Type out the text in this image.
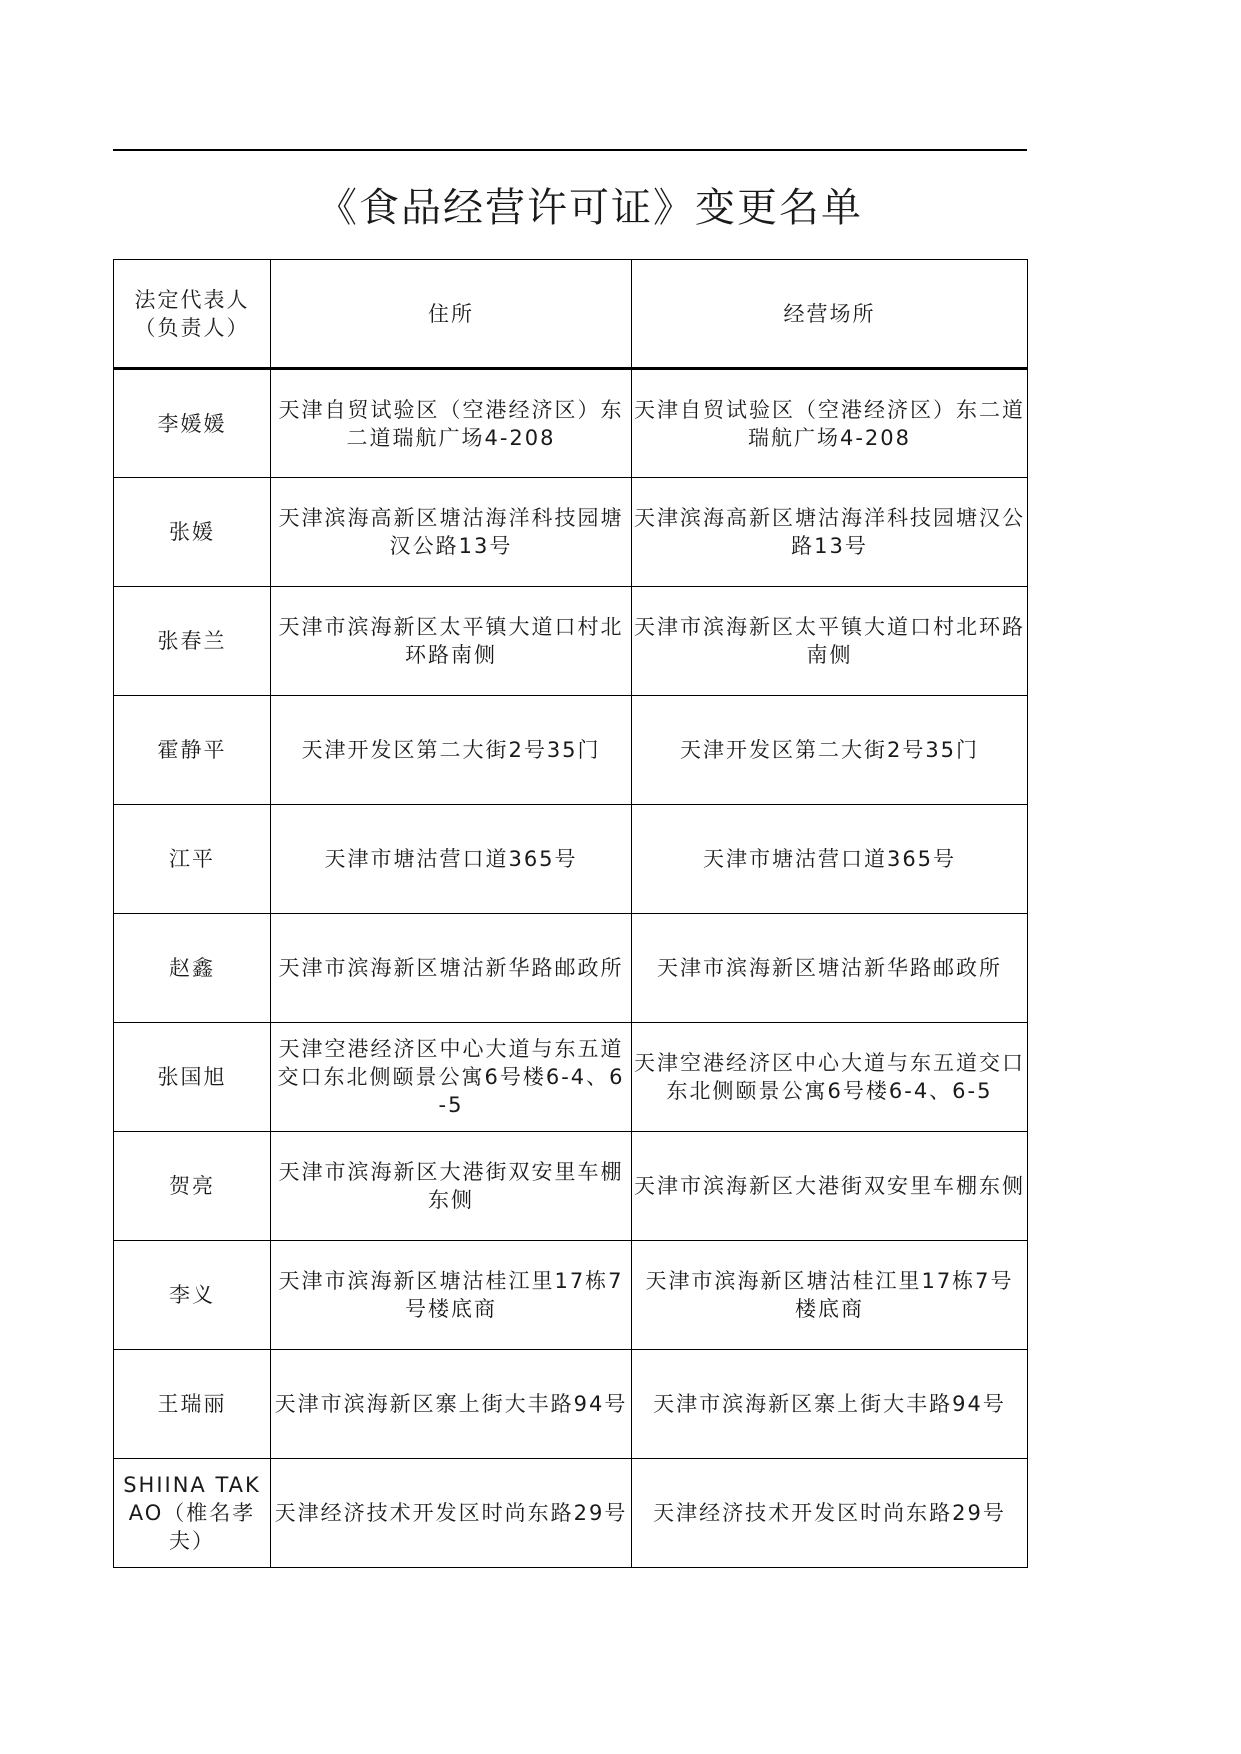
《食品经营许可证》变更名单
法定代表人
（负责人）	住所	经营场所
李媛媛	天津自贸试验区（空港经济区）东二道瑞航广场4-208	天津自贸试验区（空港经济区）东二道瑞航广场4-208
张媛	天津滨海高新区塘沽海洋科技园塘汉公路13号	天津滨海高新区塘沽海洋科技园塘汉公路13号
张春兰	天津市滨海新区太平镇大道口村北环路南侧	天津市滨海新区太平镇大道口村北环路南侧
霍静平	天津开发区第二大街2号35门	天津开发区第二大街2号35门
江平	天津市塘沽营口道365号	天津市塘沽营口道365号
赵鑫	天津市滨海新区塘沽新华路邮政所	天津市滨海新区塘沽新华路邮政所
张国旭	天津空港经济区中心大道与东五道交口东北侧颐景公寓6号楼6-4、6-5	天津空港经济区中心大道与东五道交口东北侧颐景公寓6号楼6-4、6-5
贺亮	天津市滨海新区大港街双安里车棚东侧	天津市滨海新区大港街双安里车棚东侧
李义	天津市滨海新区塘沽桂江里17栋7号楼底商	天津市滨海新区塘沽桂江里17栋7号楼底商
王瑞丽	天津市滨海新区寨上街大丰路94号	天津市滨海新区寨上街大丰路94号
SHIINA TAKAO（椎名孝夫）	天津经济技术开发区时尚东路29号	天津经济技术开发区时尚东路29号
